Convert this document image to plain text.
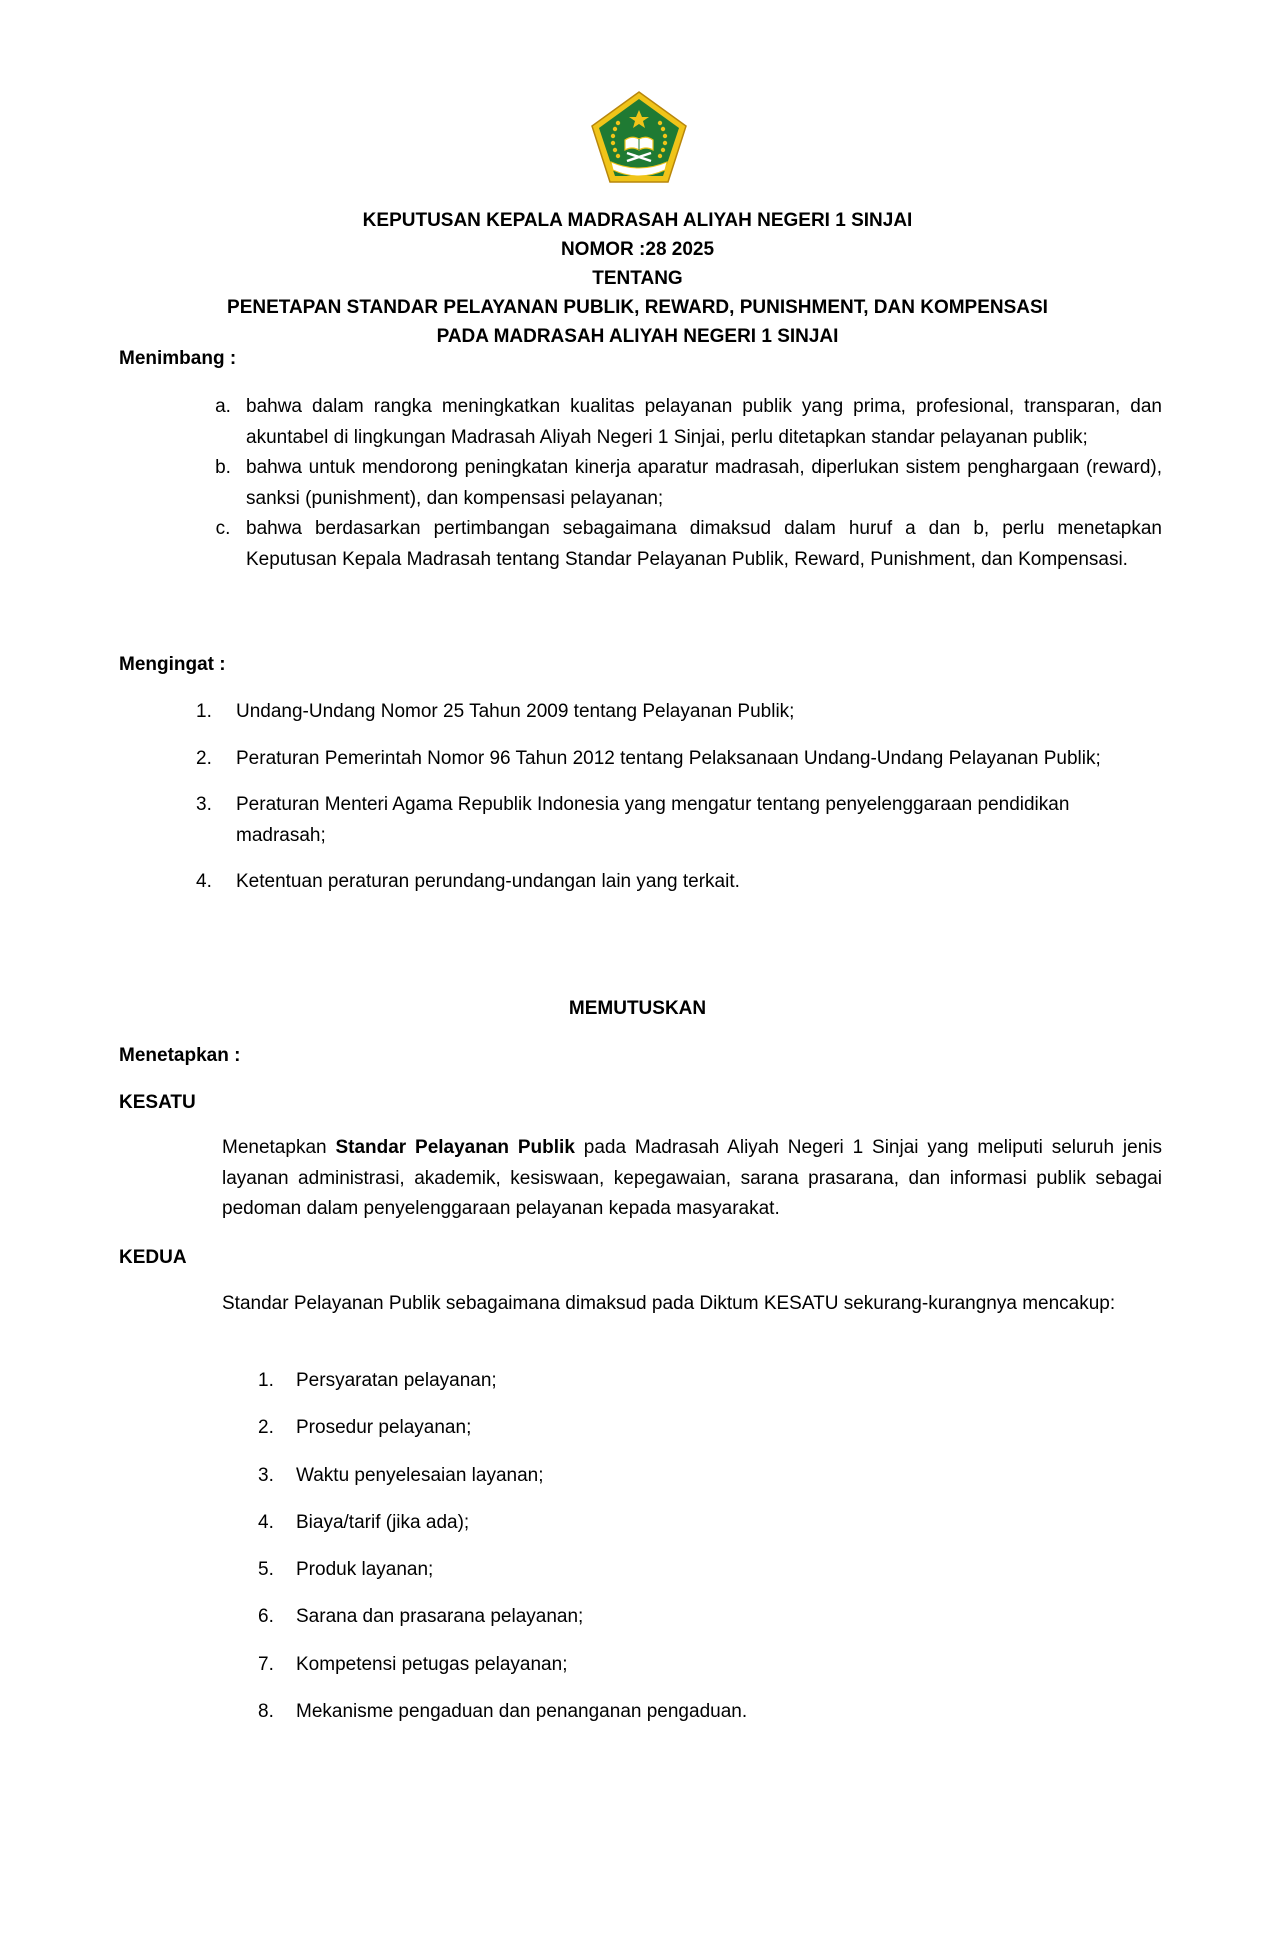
KEPUTUSAN KEPALA MADRASAH ALIYAH NEGERI 1 SINJAI
NOMOR :28 2025
TENTANG
PENETAPAN STANDAR PELAYANAN PUBLIK, REWARD, PUNISHMENT, DAN KOMPENSASI
PADA MADRASAH ALIYAH NEGERI 1 SINJAI
Menimbang :
a. bahwa dalam rangka meningkatkan kualitas pelayanan publik yang prima, profesional, transparan, dan akuntabel di lingkungan Madrasah Aliyah Negeri 1 Sinjai, perlu ditetapkan standar pelayanan publik;
b. bahwa untuk mendorong peningkatan kinerja aparatur madrasah, diperlukan sistem penghargaan (reward), sanksi (punishment), dan kompensasi pelayanan;
c. bahwa berdasarkan pertimbangan sebagaimana dimaksud dalam huruf a dan b, perlu menetapkan Keputusan Kepala Madrasah tentang Standar Pelayanan Publik, Reward, Punishment, dan Kompensasi.
Mengingat :
1.	Undang-Undang Nomor 25 Tahun 2009 tentang Pelayanan Publik;
2.	Peraturan Pemerintah Nomor 96 Tahun 2012 tentang Pelaksanaan Undang-Undang Pelayanan Publik;
3.	Peraturan Menteri Agama Republik Indonesia yang mengatur tentang penyelenggaraan pendidikan madrasah;
4.	Ketentuan peraturan perundang-undangan lain yang terkait.
MEMUTUSKAN
Menetapkan :
KESATU
Menetapkan Standar Pelayanan Publik pada Madrasah Aliyah Negeri 1 Sinjai yang meliputi seluruh jenis layanan administrasi, akademik, kesiswaan, kepegawaian, sarana prasarana, dan informasi publik sebagai pedoman dalam penyelenggaraan pelayanan kepada masyarakat.
KEDUA
Standar Pelayanan Publik sebagaimana dimaksud pada Diktum KESATU sekurang-kurangnya mencakup:
1.	Persyaratan pelayanan;
2.	Prosedur pelayanan;
3.	Waktu penyelesaian layanan;
4.	Biaya/tarif (jika ada);
5.	Produk layanan;
6.	Sarana dan prasarana pelayanan;
7.	Kompetensi petugas pelayanan;
8.	Mekanisme pengaduan dan penanganan pengaduan.
